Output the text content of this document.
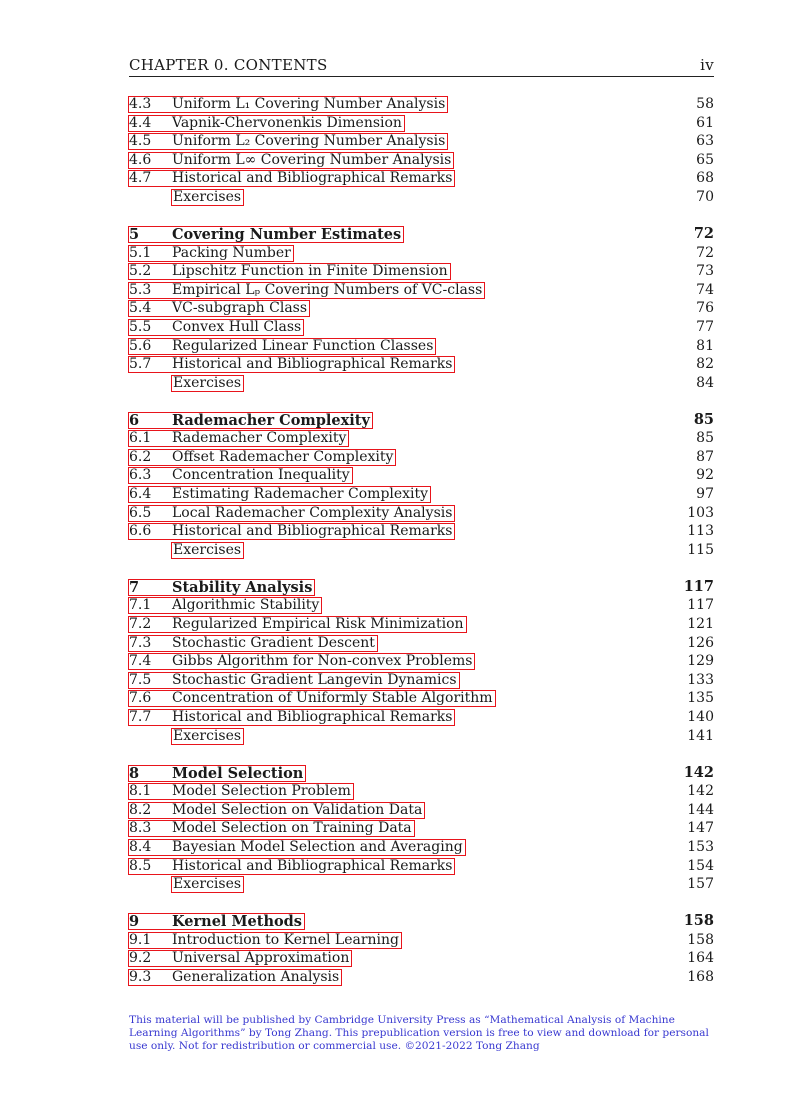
CHAPTER 0. CONTENTS	iv
4.3 Uniform L₁ Covering Number Analysis	58
4.4 Vapnik-Chervonenkis Dimension	61
4.5 Uniform L₂ Covering Number Analysis	63
4.6 Uniform L∞ Covering Number Analysis	65
4.7 Historical and Bibliographical Remarks	68
Exercises	70
5 Covering Number Estimates	72
5.1 Packing Number	72
5.2 Lipschitz Function in Finite Dimension	73
5.3 Empirical Lₚ Covering Numbers of VC-class	74
5.4 VC-subgraph Class	76
5.5 Convex Hull Class	77
5.6 Regularized Linear Function Classes	81
5.7 Historical and Bibliographical Remarks	82
Exercises	84
6 Rademacher Complexity	85
6.1 Rademacher Complexity	85
6.2 Offset Rademacher Complexity	87
6.3 Concentration Inequality	92
6.4 Estimating Rademacher Complexity	97
6.5 Local Rademacher Complexity Analysis	103
6.6 Historical and Bibliographical Remarks	113
Exercises	115
7 Stability Analysis	117
7.1 Algorithmic Stability	117
7.2 Regularized Empirical Risk Minimization	121
7.3 Stochastic Gradient Descent	126
7.4 Gibbs Algorithm for Non-convex Problems	129
7.5 Stochastic Gradient Langevin Dynamics	133
7.6 Concentration of Uniformly Stable Algorithm	135
7.7 Historical and Bibliographical Remarks	140
Exercises	141
8 Model Selection	142
8.1 Model Selection Problem	142
8.2 Model Selection on Validation Data	144
8.3 Model Selection on Training Data	147
8.4 Bayesian Model Selection and Averaging	153
8.5 Historical and Bibliographical Remarks	154
Exercises	157
9 Kernel Methods	158
9.1 Introduction to Kernel Learning	158
9.2 Universal Approximation	164
9.3 Generalization Analysis	168
This material will be published by Cambridge University Press as “Mathematical Analysis of Machine
Learning Algorithms” by Tong Zhang. This prepublication version is free to view and download for personal
use only. Not for redistribution or commercial use. ©2021-2022 Tong Zhang
